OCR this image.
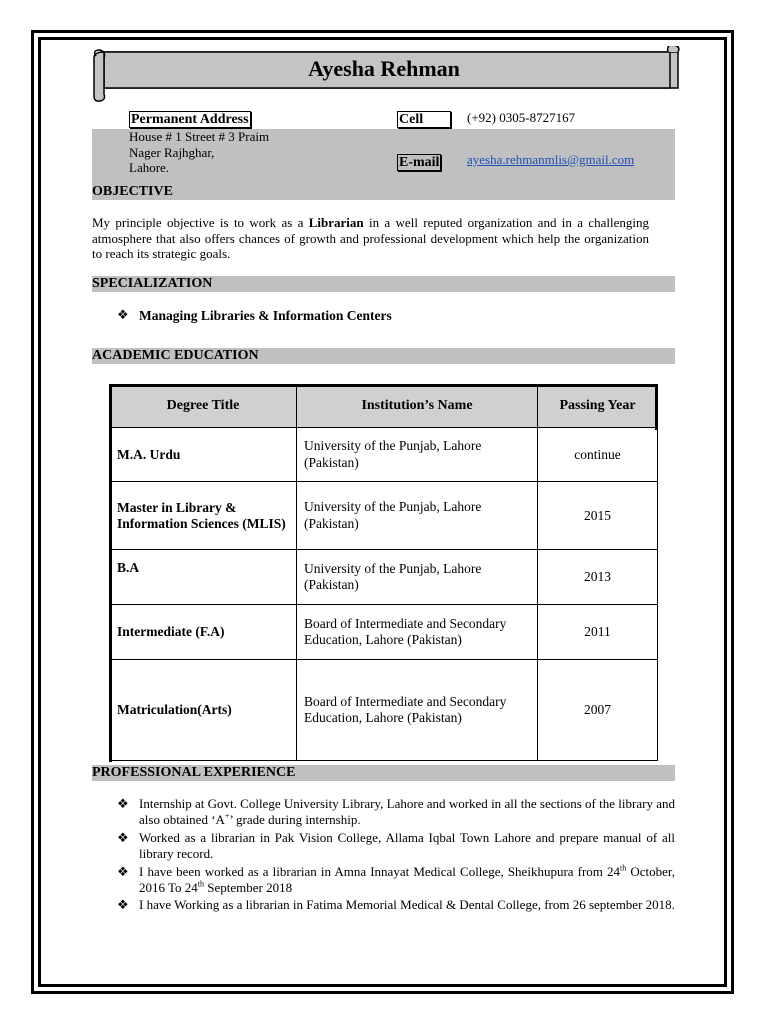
Ayesha Rehman
Permanent Address
House # 1 Street # 3 Praim
Nager Rajhghar,
Lahore.
Cell	(+92) 0305-8727167
E-mail ayesha.rehmanmlis@gmail.com
OBJECTIVE
My principle objective is to work as a Librarian in a well reputed organization and in a challenging atmosphere that also offers chances of growth and professional development which help the organization to reach its strategic goals.
SPECIALIZATION
❖ Managing Libraries & Information Centers
ACADEMIC EDUCATION
Degree Title	Institution’s Name	Passing Year
M.A. Urdu	University of the Punjab, Lahore (Pakistan)	continue
Master in Library & Information Sciences (MLIS)	University of the Punjab, Lahore (Pakistan)	2015
B.A	University of the Punjab, Lahore (Pakistan)	2013
Intermediate (F.A)	Board of Intermediate and Secondary Education, Lahore (Pakistan)	2011
Matriculation(Arts)	Board of Intermediate and Secondary Education, Lahore (Pakistan)	2007
PROFESSIONAL EXPERIENCE
❖ Internship at Govt. College University Library, Lahore and worked in all the sections of the library and also obtained ‘A+’ grade during internship.
❖ Worked as a librarian in Pak Vision College, Allama Iqbal Town Lahore and prepare manual of all library record.
❖ I have been worked as a librarian in Amna Innayat Medical College, Sheikhupura from 24th October, 2016 To 24th September 2018
❖ I have Working as a librarian in Fatima Memorial Medical & Dental College, from 26 september 2018.
